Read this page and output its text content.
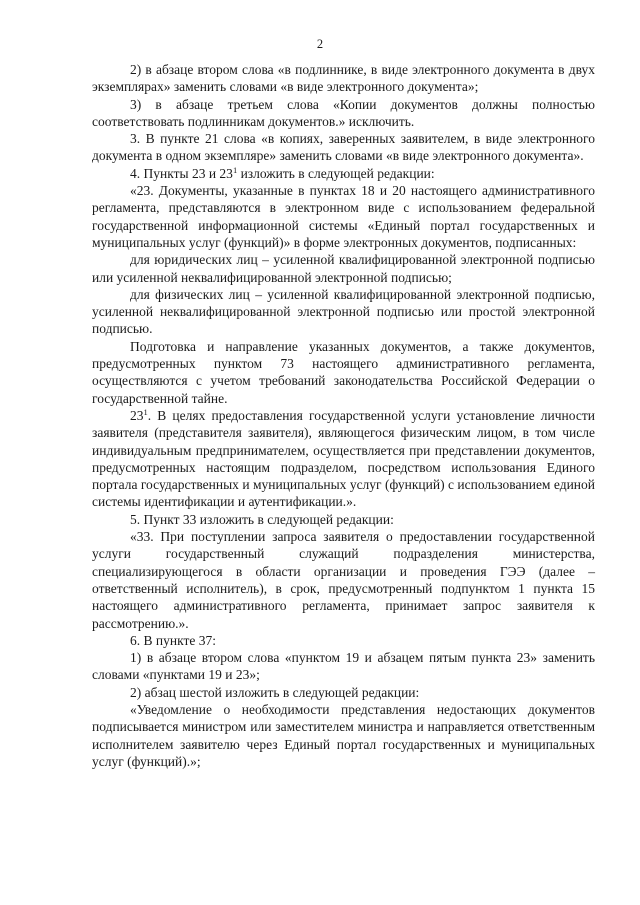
2

2) в абзаце втором слова «в подлиннике, в виде электронного документа в двух экземплярах» заменить словами «в виде электронного документа»;

3) в абзаце третьем слова «Копии документов должны полностью соответствовать подлинникам документов.» исключить.

3. В пункте 21 слова «в копиях, заверенных заявителем, в виде электронного документа в одном экземпляре» заменить словами «в виде электронного документа».

4. Пункты 23 и $23^1$ изложить в следующей редакции:

«23. Документы, указанные в пунктах 18 и 20 настоящего административного регламента, представляются в электронном виде с использованием федеральной государственной информационной системы «Единый портал государственных и муниципальных услуг (функций)» в форме электронных документов, подписанных:

для юридических лиц – усиленной квалифицированной электронной подписью или усиленной неквалифицированной электронной подписью;

для физических лиц – усиленной квалифицированной электронной подписью, усиленной неквалифицированной электронной подписью или простой электронной подписью.

Подготовка и направление указанных документов, а также документов, предусмотренных пунктом 73 настоящего административного регламента, осуществляются с учетом требований законодательства Российской Федерации о государственной тайне.

$23^1$. В целях предоставления государственной услуги установление личности заявителя (представителя заявителя), являющегося физическим лицом, в том числе индивидуальным предпринимателем, осуществляется при представлении документов, предусмотренных настоящим подразделом, посредством использования Единого портала государственных и муниципальных услуг (функций) с использованием единой системы идентификации и аутентификации.».

5. Пункт 33 изложить в следующей редакции:

«33. При поступлении запроса заявителя о предоставлении государственной услуги государственный служащий подразделения министерства, специализирующегося в области организации и проведения ГЭЭ (далее – ответственный исполнитель), в срок, предусмотренный подпунктом 1 пункта 15 настоящего административного регламента, принимает запрос заявителя к рассмотрению.».

6. В пункте 37:

1) в абзаце втором слова «пунктом 19 и абзацем пятым пункта 23» заменить словами «пунктами 19 и 23»;

2) абзац шестой изложить в следующей редакции:

«Уведомление о необходимости представления недостающих документов подписывается министром или заместителем министра и направляется ответственным исполнителем заявителю через Единый портал государственных и муниципальных услуг (функций).»;
